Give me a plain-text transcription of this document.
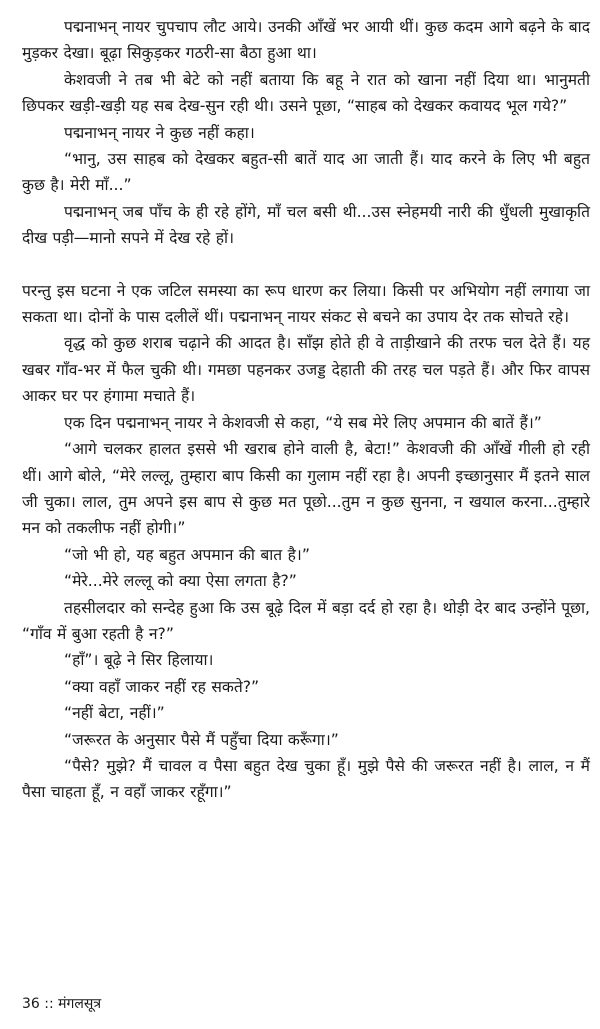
पद्मनाभन् नायर चुपचाप लौट आये। उनकी आँखें भर आयी थीं। कुछ कदम आगे बढ़ने के बाद मुड़कर देखा। बूढ़ा सिकुड़कर गठरी-सा बैठा हुआ था।

केशवजी ने तब भी बेटे को नहीं बताया कि बहू ने रात को खाना नहीं दिया था। भानुमती छिपकर खड़ी-खड़ी यह सब देख-सुन रही थी। उसने पूछा, “साहब को देखकर कवायद भूल गये?”

पद्मनाभन् नायर ने कुछ नहीं कहा।

“भानु, उस साहब को देखकर बहुत-सी बातें याद आ जाती हैं। याद करने के लिए भी बहुत कुछ है। मेरी माँ...”

पद्मनाभन् जब पाँच के ही रहे होंगे, माँ चल बसी थी...उस स्नेहमयी नारी की धुँधली मुखाकृति दीख पड़ी—मानो सपने में देख रहे हों।

परन्तु इस घटना ने एक जटिल समस्या का रूप धारण कर लिया। किसी पर अभियोग नहीं लगाया जा सकता था। दोनों के पास दलीलें थीं। पद्मनाभन् नायर संकट से बचने का उपाय देर तक सोचते रहे।

वृद्ध को कुछ शराब चढ़ाने की आदत है। साँझ होते ही वे ताड़ीखाने की तरफ चल देते हैं। यह खबर गाँव-भर में फैल चुकी थी। गमछा पहनकर उजड्ड देहाती की तरह चल पड़ते हैं। और फिर वापस आकर घर पर हंगामा मचाते हैं।

एक दिन पद्मनाभन् नायर ने केशवजी से कहा, “ये सब मेरे लिए अपमान की बातें हैं।”

“आगे चलकर हालत इससे भी खराब होने वाली है, बेटा!” केशवजी की आँखें गीली हो रही थीं। आगे बोले, “मेरे लल्लू, तुम्हारा बाप किसी का गुलाम नहीं रहा है। अपनी इच्छानुसार मैं इतने साल जी चुका। लाल, तुम अपने इस बाप से कुछ मत पूछो...तुम न कुछ सुनना, न खयाल करना...तुम्हारे मन को तकलीफ नहीं होगी।”

“जो भी हो, यह बहुत अपमान की बात है।”

“मेरे...मेरे लल्लू को क्या ऐसा लगता है?”

तहसीलदार को सन्देह हुआ कि उस बूढ़े दिल में बड़ा दर्द हो रहा है। थोड़ी देर बाद उन्होंने पूछा, “गाँव में बुआ रहती है न?”

“हाँ”। बूढ़े ने सिर हिलाया।

“क्या वहाँ जाकर नहीं रह सकते?”

“नहीं बेटा, नहीं।”

“जरूरत के अनुसार पैसे मैं पहुँचा दिया करूँगा।”

“पैसे? मुझे? मैं चावल व पैसा बहुत देख चुका हूँ। मुझे पैसे की जरूरत नहीं है। लाल, न मैं पैसा चाहता हूँ, न वहाँ जाकर रहूँगा।”

36 :: मंगलसूत्र
